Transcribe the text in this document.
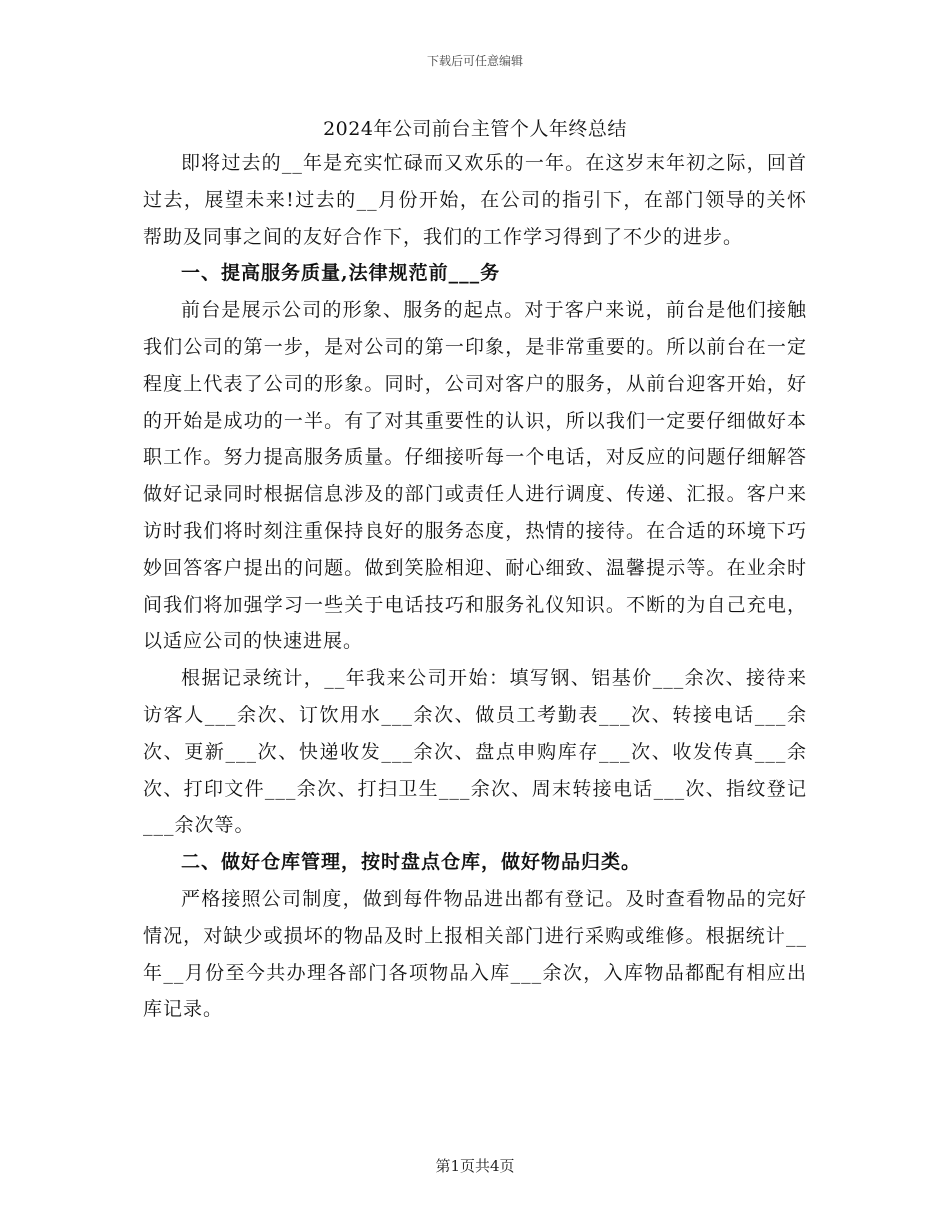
下载后可任意编辑
2024年公司前台主管个人年终总结

即将过去的__年是充实忙碌而又欢乐的一年。在这岁末年初之际，回首过去，展望未来!过去的__月份开始，在公司的指引下，在部门领导的关怀帮助及同事之间的友好合作下，我们的工作学习得到了不少的进步。

一、提高服务质量,法律规范前___务

前台是展示公司的形象、服务的起点。对于客户来说，前台是他们接触我们公司的第一步，是对公司的第一印象，是非常重要的。所以前台在一定程度上代表了公司的形象。同时，公司对客户的服务，从前台迎客开始，好的开始是成功的一半。有了对其重要性的认识，所以我们一定要仔细做好本职工作。努力提高服务质量。仔细接听每一个电话，对反应的问题仔细解答做好记录同时根据信息涉及的部门或责任人进行调度、传递、汇报。客户来访时我们将时刻注重保持良好的服务态度，热情的接待。在合适的环境下巧妙回答客户提出的问题。做到笑脸相迎、耐心细致、温馨提示等。在业余时间我们将加强学习一些关于电话技巧和服务礼仪知识。不断的为自己充电，以适应公司的快速进展。

根据记录统计，__年我来公司开始：填写钢、铝基价___余次、接待来访客人___余次、订饮用水___余次、做员工考勤表___次、转接电话___余次、更新___次、快递收发___余次、盘点申购库存___次、收发传真___余次、打印文件___余次、打扫卫生___余次、周末转接电话___次、指纹登记___余次等。

二、做好仓库管理，按时盘点仓库，做好物品归类。

严格接照公司制度，做到每件物品进出都有登记。及时查看物品的完好情况，对缺少或损坏的物品及时上报相关部门进行采购或维修。根据统计__年__月份至今共办理各部门各项物品入库___余次，入库物品都配有相应出库记录。

第1页共4页
